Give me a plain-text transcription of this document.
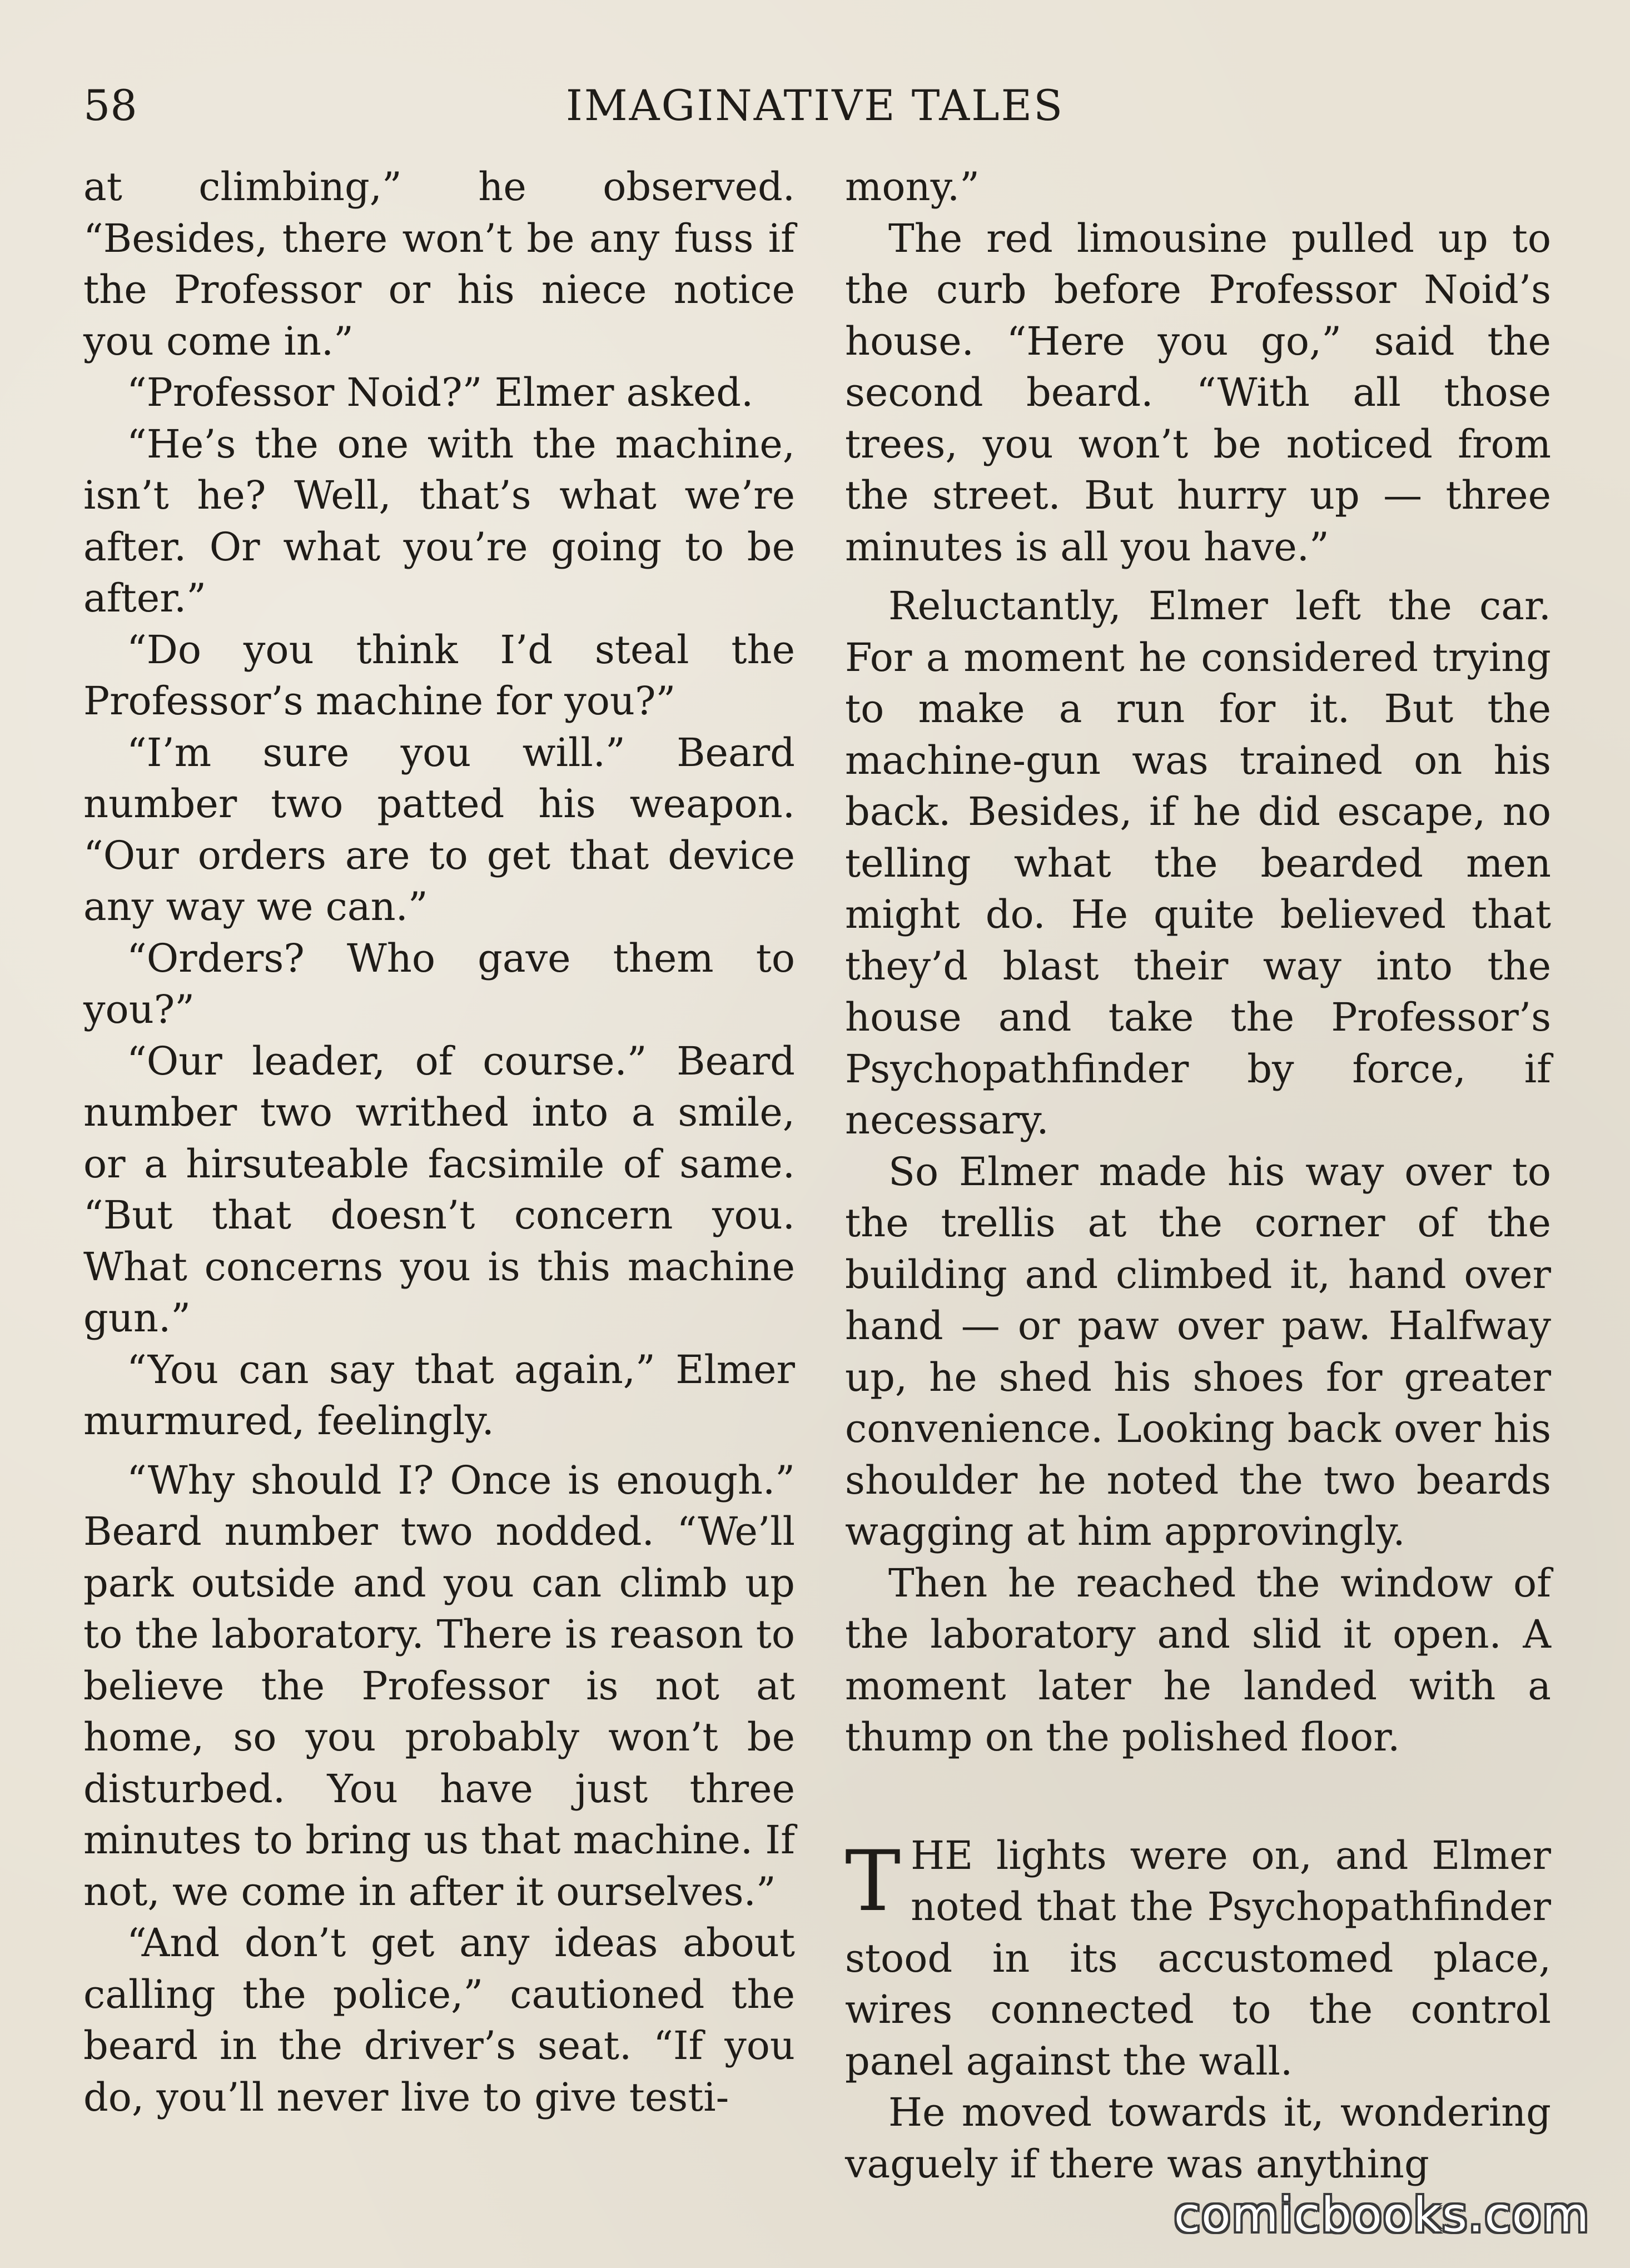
58	IMAGINATIVE TALES

at climbing,” he observed. “Besides, there won’t be any fuss if the Professor or his niece notice you come in.”

“Professor Noid?” Elmer asked.

“He’s the one with the machine, isn’t he? Well, that’s what we’re after. Or what you’re going to be after.”

“Do you think I’d steal the Professor’s machine for you?”

“I’m sure you will.” Beard number two patted his weapon. “Our orders are to get that device any way we can.”

“Orders? Who gave them to you?”

“Our leader, of course.” Beard number two writhed into a smile, or a hirsuteable facsimile of same. “But that doesn’t concern you. What concerns you is this machine gun.”

“You can say that again,” Elmer murmured, feelingly.

“Why should I? Once is enough.” Beard number two nodded. “We’ll park outside and you can climb up to the laboratory. There is reason to believe the Professor is not at home, so you probably won’t be disturbed. You have just three minutes to bring us that machine. If not, we come in after it ourselves.”

“And don’t get any ideas about calling the police,” cautioned the beard in the driver’s seat. “If you do, you’ll never live to give testi-

mony.”

The red limousine pulled up to the curb before Professor Noid’s house. “Here you go,” said the second beard. “With all those trees, you won’t be noticed from the street. But hurry up — three minutes is all you have.”

Reluctantly, Elmer left the car. For a moment he considered trying to make a run for it. But the machine-gun was trained on his back. Besides, if he did escape, no telling what the bearded men might do. He quite believed that they’d blast their way into the house and take the Professor’s Psychopathfinder by force, if necessary.

So Elmer made his way over to the trellis at the corner of the building and climbed it, hand over hand — or paw over paw. Halfway up, he shed his shoes for greater convenience. Looking back over his shoulder he noted the two beards wagging at him approvingly.

Then he reached the window of the laboratory and slid it open. A moment later he landed with a thump on the polished floor.

THE lights were on, and Elmer noted that the Psychopathfinder stood in its accustomed place, wires connected to the control panel against the wall.

He moved towards it, wondering vaguely if there was anything

comicbooks.com
